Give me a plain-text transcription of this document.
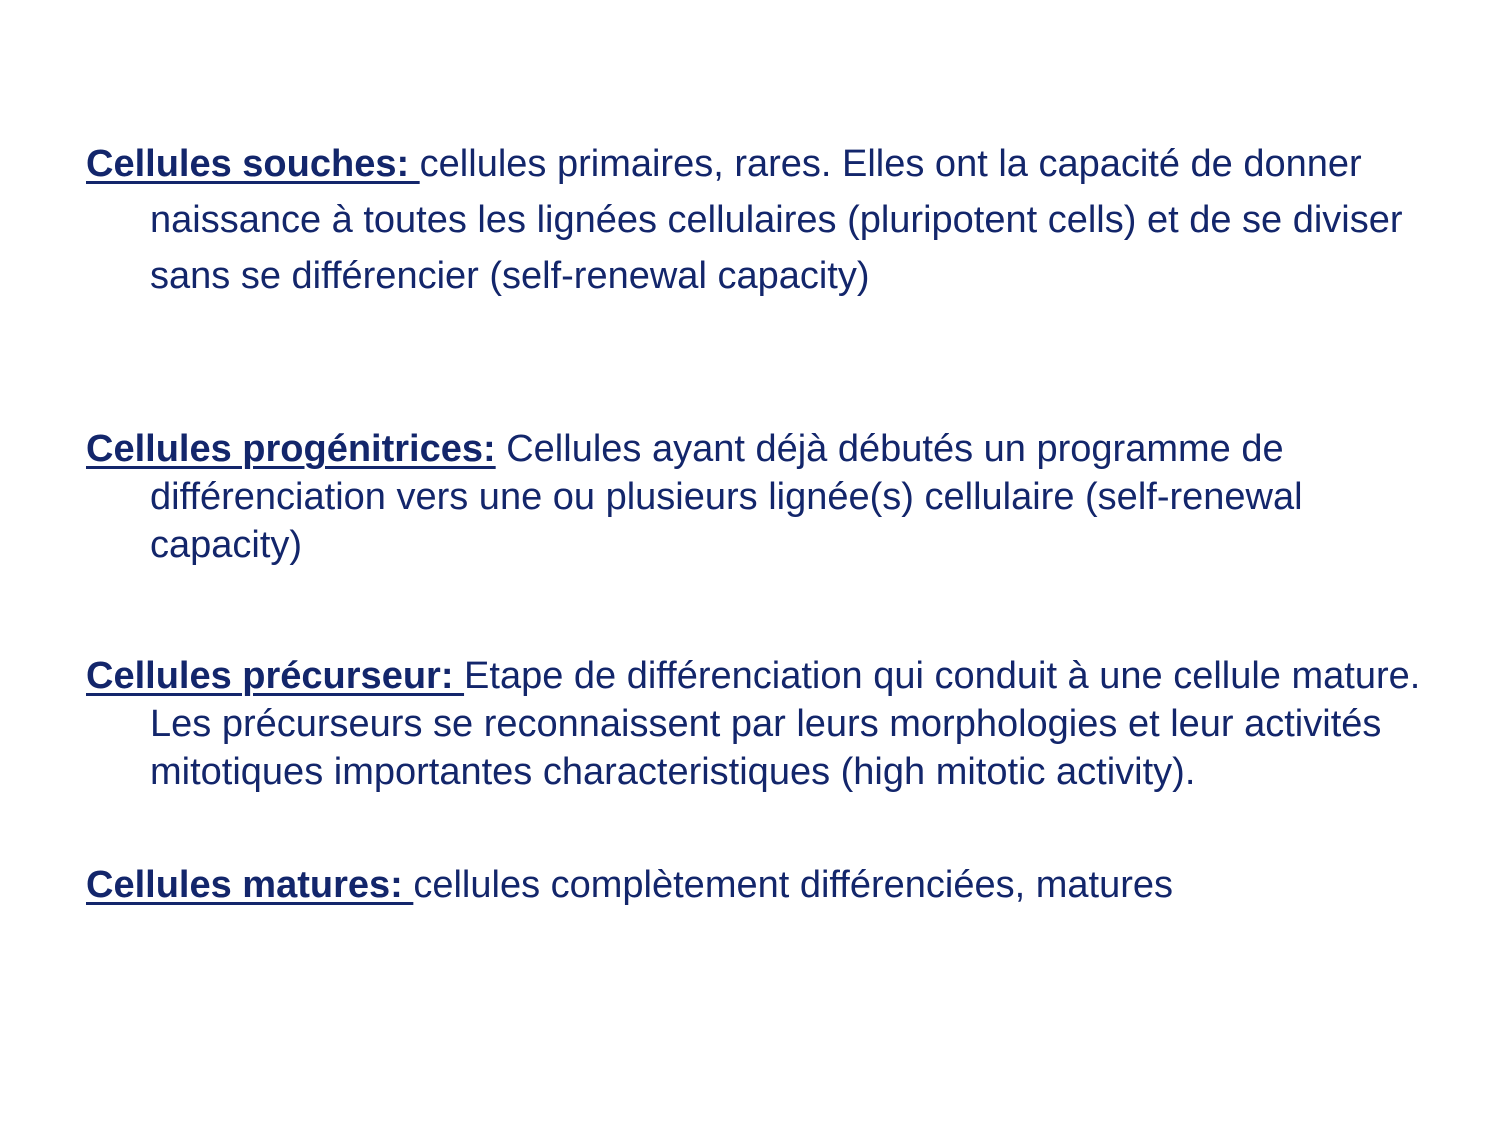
Cellules souches: cellules primaires, rares. Elles ont la capacité de donner naissance à toutes les lignées cellulaires (pluripotent cells) et de se diviser sans se différencier (self-renewal capacity)

Cellules progénitrices: Cellules ayant déjà débutés un programme de différenciation vers une ou plusieurs lignée(s) cellulaire (self-renewal capacity)

Cellules précurseur: Etape de différenciation qui conduit à une cellule mature. Les précurseurs se reconnaissent par leurs morphologies et leur activités mitotiques importantes characteristiques (high mitotic activity).

Cellules matures: cellules complètement différenciées, matures
